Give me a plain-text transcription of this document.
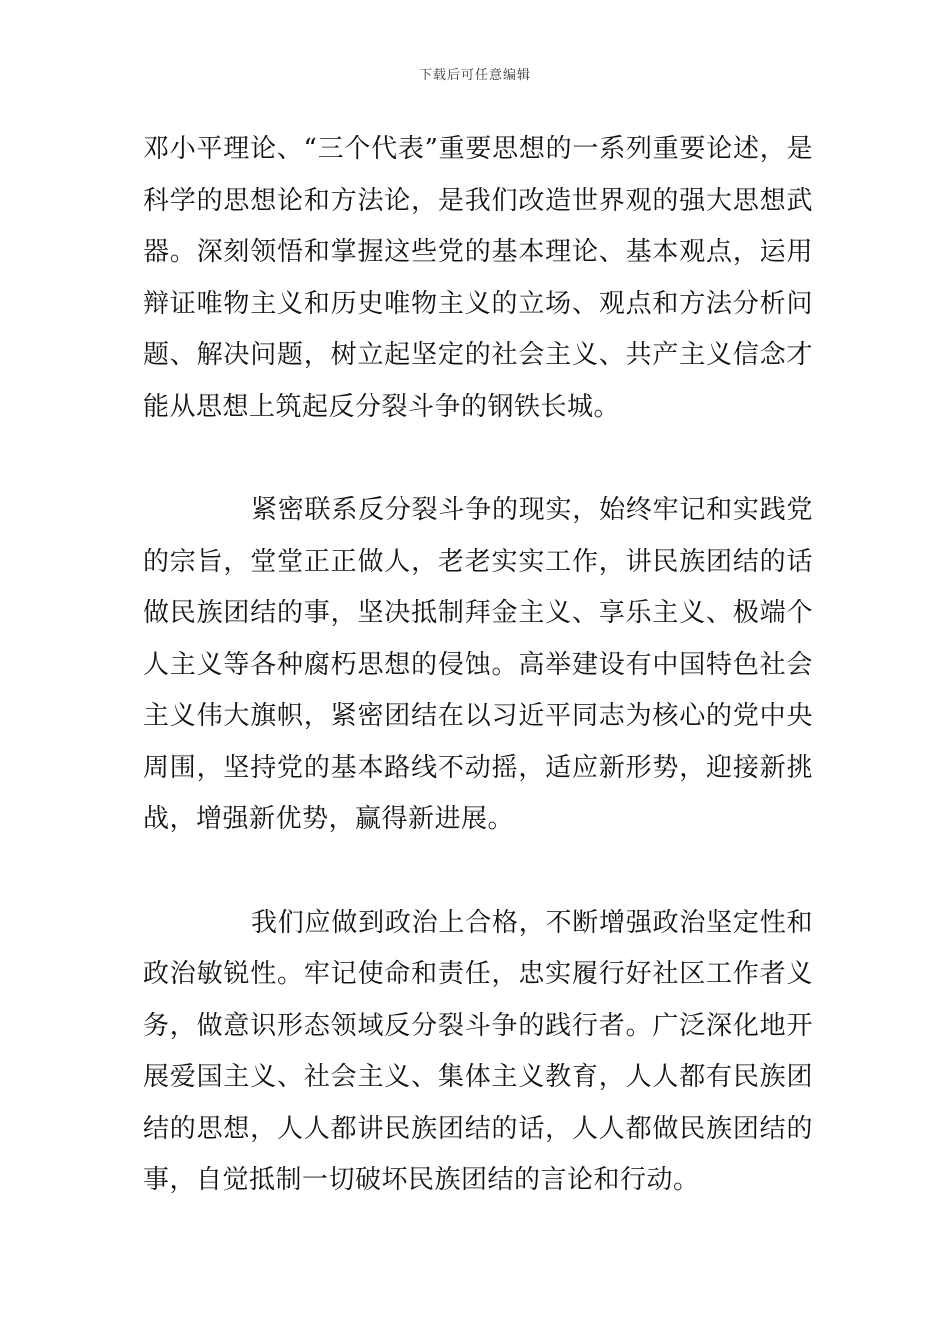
下载后可任意编辑

邓小平理论、“三个代表”重要思想的一系列重要论述，是科学的思想论和方法论，是我们改造世界观的强大思想武器。深刻领悟和掌握这些党的基本理论、基本观点，运用辩证唯物主义和历史唯物主义的立场、观点和方法分析问题、解决问题，树立起坚定的社会主义、共产主义信念才能从思想上筑起反分裂斗争的钢铁长城。

紧密联系反分裂斗争的现实，始终牢记和实践党的宗旨，堂堂正正做人，老老实实工作，讲民族团结的话做民族团结的事，坚决抵制拜金主义、享乐主义、极端个人主义等各种腐朽思想的侵蚀。高举建设有中国特色社会主义伟大旗帜，紧密团结在以习近平同志为核心的党中央周围，坚持党的基本路线不动摇，适应新形势，迎接新挑战，增强新优势，赢得新进展。

我们应做到政治上合格，不断增强政治坚定性和政治敏锐性。牢记使命和责任，忠实履行好社区工作者义务，做意识形态领域反分裂斗争的践行者。广泛深化地开展爱国主义、社会主义、集体主义教育，人人都有民族团结的思想，人人都讲民族团结的话，人人都做民族团结的事，自觉抵制一切破坏民族团结的言论和行动。
